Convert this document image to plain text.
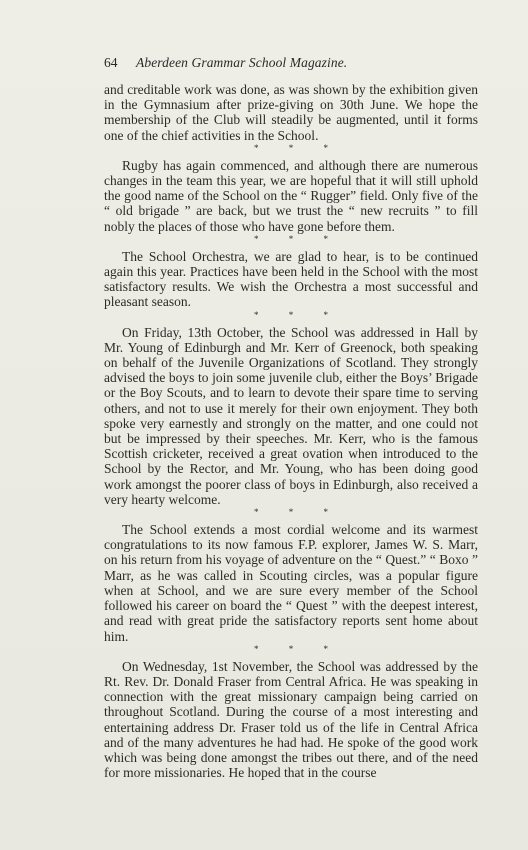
64 Aberdeen Grammar School Magazine.

and creditable work was done, as was shown by the exhibition given in the Gymnasium after prize-giving on 30th June. We hope the membership of the Club will steadily be augmented, until it forms one of the chief activities in the School.

* * *

Rugby has again commenced, and although there are numerous changes in the team this year, we are hopeful that it will still uphold the good name of the School on the “ Rugger” field. Only five of the “ old brigade ” are back, but we trust the “ new recruits ” to fill nobly the places of those who have gone before them.

* * *

The School Orchestra, we are glad to hear, is to be continued again this year. Practices have been held in the School with the most satisfactory results. We wish the Orchestra a most successful and pleasant season.

* * *

On Friday, 13th October, the School was addressed in Hall by Mr. Young of Edinburgh and Mr. Kerr of Greenock, both speaking on behalf of the Juvenile Organizations of Scotland. They strongly advised the boys to join some juvenile club, either the Boys’ Brigade or the Boy Scouts, and to learn to devote their spare time to serving others, and not to use it merely for their own enjoyment. They both spoke very earnestly and strongly on the matter, and one could not but be impressed by their speeches. Mr. Kerr, who is the famous Scottish cricketer, received a great ovation when introduced to the School by the Rector, and Mr. Young, who has been doing good work amongst the poorer class of boys in Edinburgh, also received a very hearty welcome.

* * *

The School extends a most cordial welcome and its warmest congratulations to its now famous F.P. explorer, James W. S. Marr, on his return from his voyage of adventure on the “ Quest.” “ Boxo ” Marr, as he was called in Scouting circles, was a popular figure when at School, and we are sure every member of the School followed his career on board the “ Quest ” with the deepest interest, and read with great pride the satisfactory reports sent home about him.

* * *

On Wednesday, 1st November, the School was addressed by the Rt. Rev. Dr. Donald Fraser from Central Africa. He was speaking in connection with the great missionary campaign being carried on throughout Scotland. During the course of a most interesting and entertaining address Dr. Fraser told us of the life in Central Africa and of the many adventures he had had. He spoke of the good work which was being done amongst the tribes out there, and of the need for more missionaries. He hoped that in the course
